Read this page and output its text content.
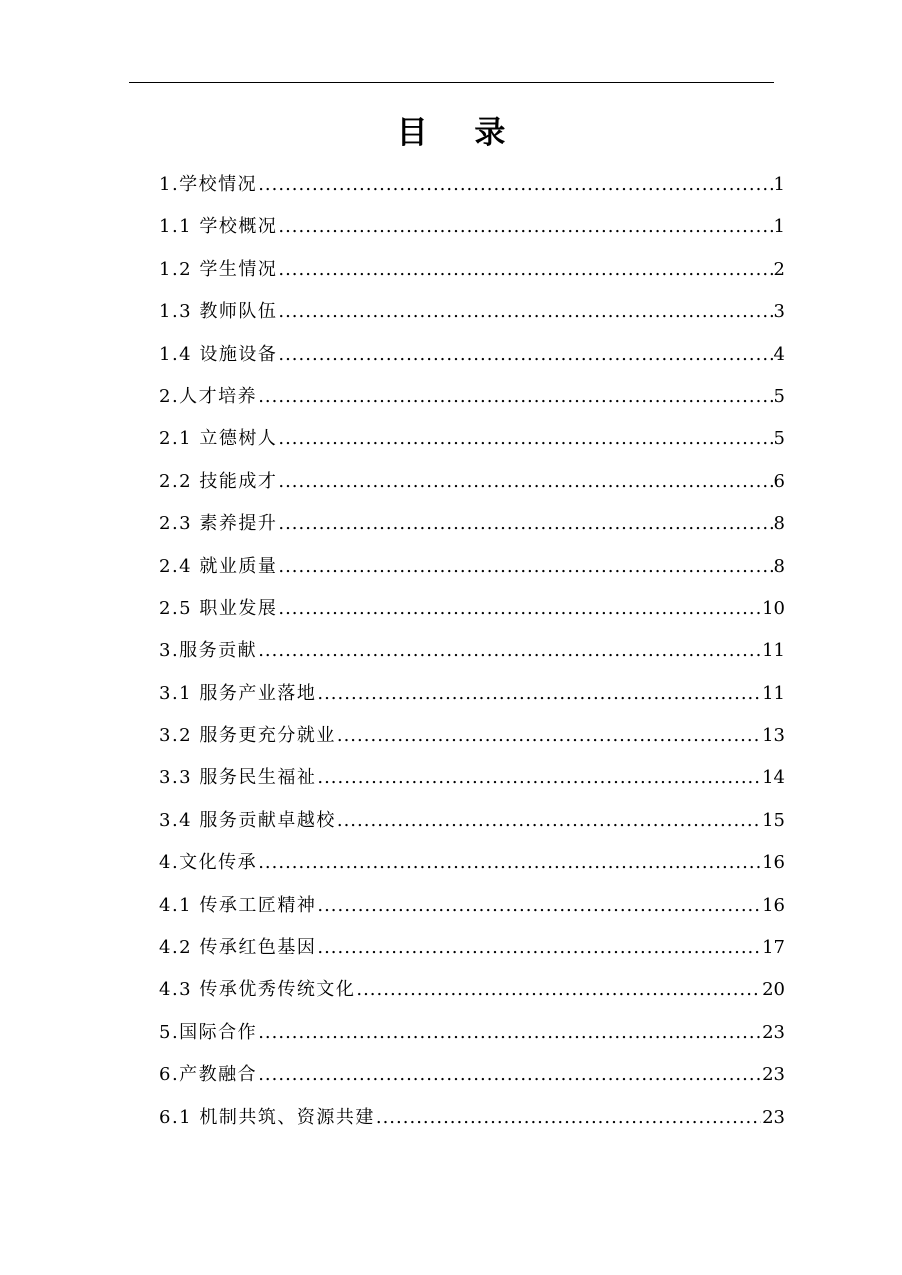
目 录
1.学校情况 .....	1
1.1 学校概况 .....	1
1.2 学生情况 .....	2
1.3 教师队伍 .....	3
1.4 设施设备 .....	4
2.人才培养 .....	5
2.1 立德树人 .....	5
2.2 技能成才 .....	6
2.3 素养提升 .....	8
2.4 就业质量 .....	8
2.5 职业发展 .....	10
3.服务贡献 .....	11
3.1 服务产业落地 .....	11
3.2 服务更充分就业 .....	13
3.3 服务民生福祉 .....	14
3.4 服务贡献卓越校 .....	15
4.文化传承 .....	16
4.1 传承工匠精神 .....	16
4.2 传承红色基因 .....	17
4.3 传承优秀传统文化 .....	20
5.国际合作 .....	23
6.产教融合 .....	23
6.1 机制共筑、资源共建 .....	23
